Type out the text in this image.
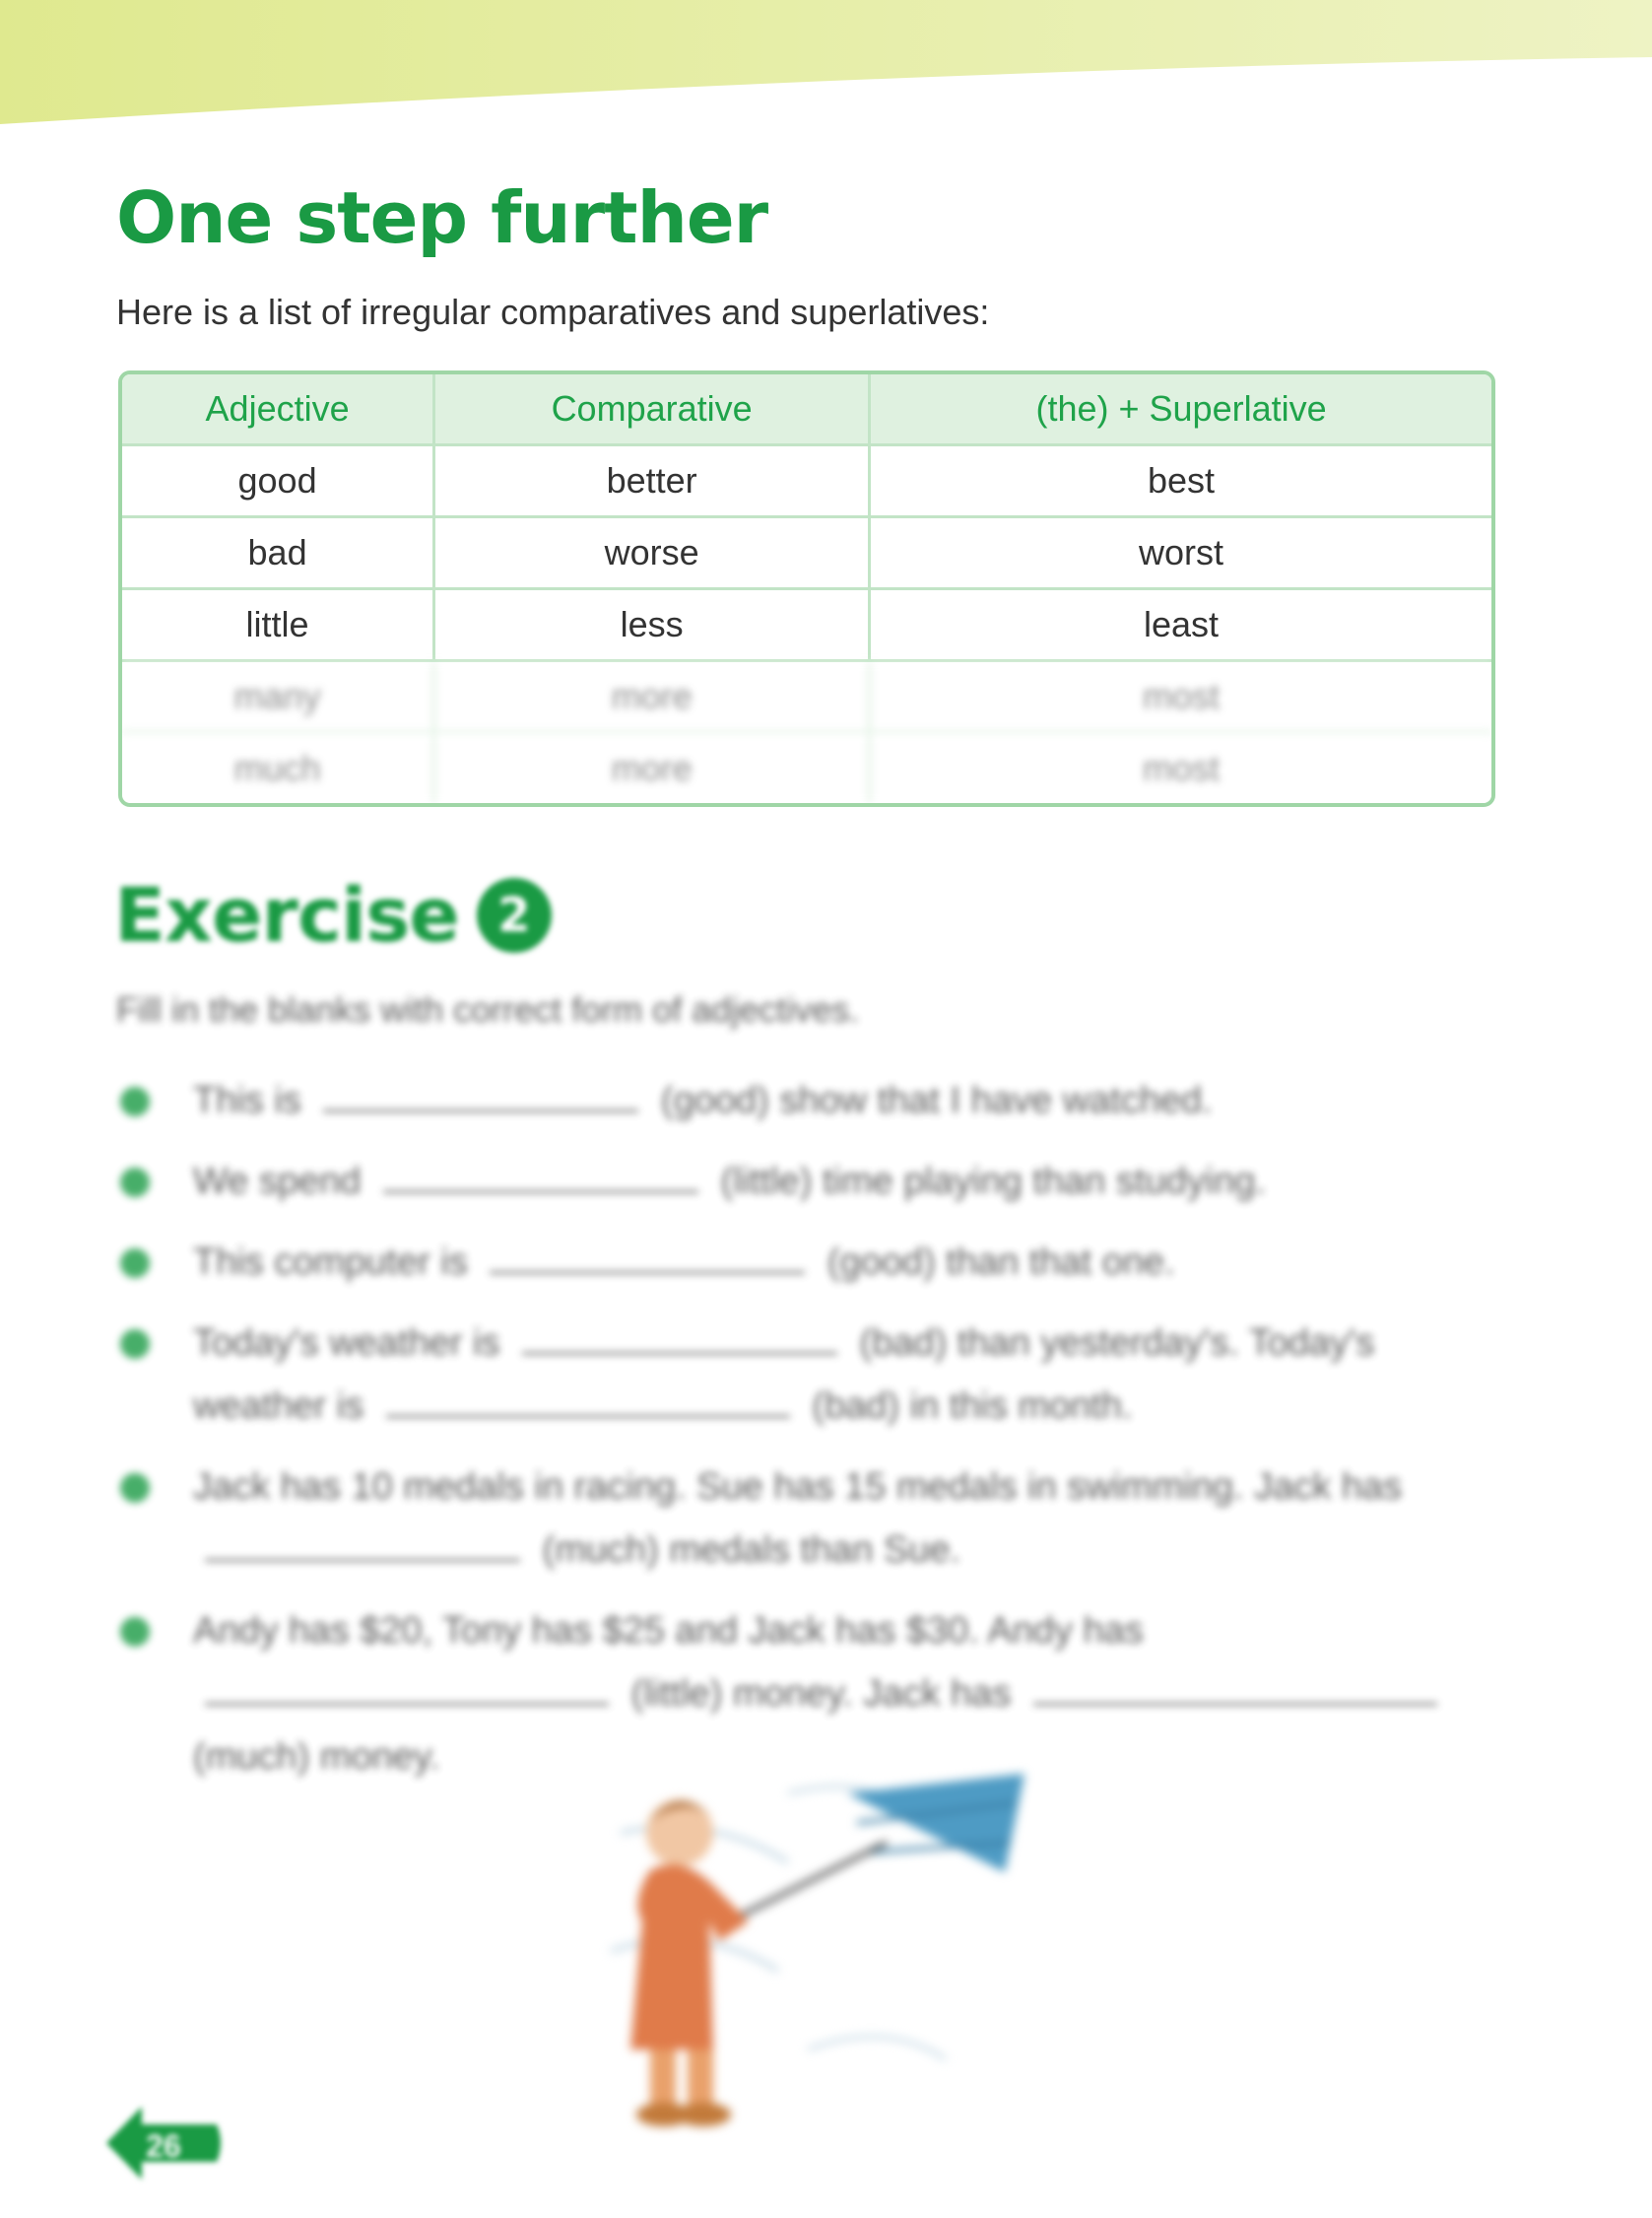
One step further

Here is a list of irregular comparatives and superlatives:

Adjective	Comparative	(the) + Superlative
good	better	best
bad	worse	worst
little	less	least
many	more	most
much	more	most
Exercise 2

Fill in the blanks with correct form of adjectives.

This is	(good) show that I have watched.
We spend	(little) time playing than studying.
This computer is	(good) than that one.
Today's weather is	(bad) than yesterday's. Today's weather is	(bad) in this month.
Jack has 10 medals in racing. Sue has 15 medals in swimming. Jack has  (much) medals than Sue.
Andy has $20, Tony has $25 and Jack has $30. Andy has  (little) money. Jack has  (much) money.
26
